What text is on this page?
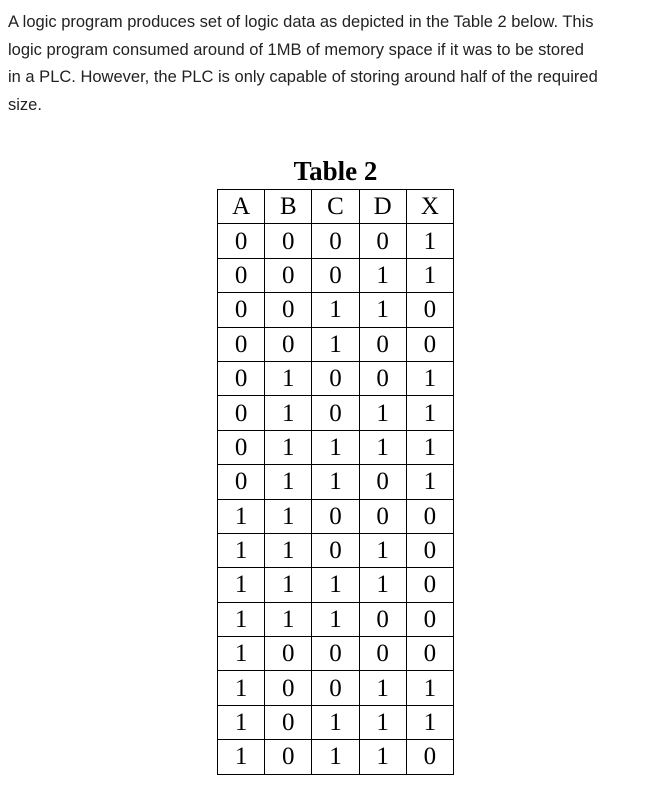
A logic program produces set of logic data as depicted in the Table 2 below. This
logic program consumed around of 1MB of memory space if it was to be stored
in a PLC. However, the PLC is only capable of storing around half of the required
size.

Table 2
A	B	C	D	X
0	0	0	0	1
0	0	0	1	1
0	0	1	1	0
0	0	1	0	0
0	1	0	0	1
0	1	0	1	1
0	1	1	1	1
0	1	1	0	1
1	1	0	0	0
1	1	0	1	0
1	1	1	1	0
1	1	1	0	0
1	0	0	0	0
1	0	0	1	1
1	0	1	1	1
1	0	1	1	0
